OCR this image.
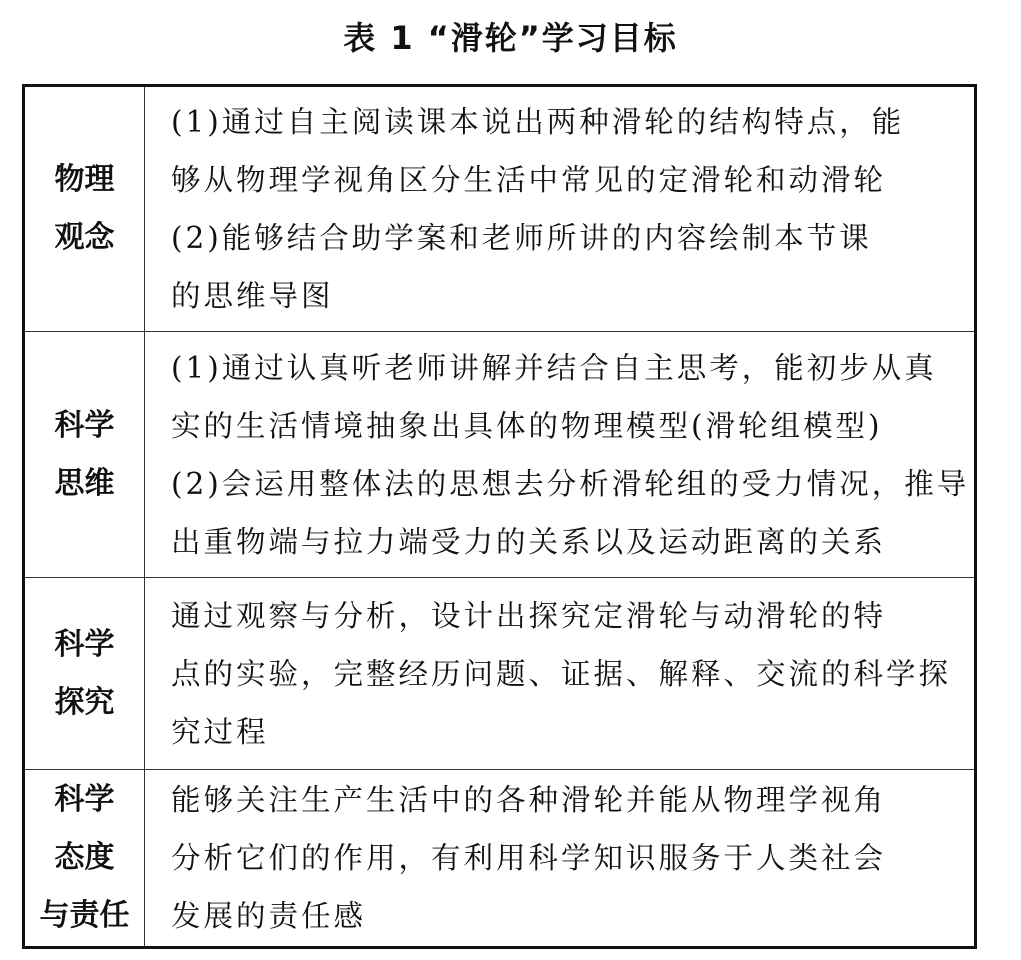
表 1 “滑轮”学习目标
物理
观念	(1)通过自主阅读课本说出两种滑轮的结构特点，能
够从物理学视角区分生活中常见的定滑轮和动滑轮
(2)能够结合助学案和老师所讲的内容绘制本节课
的思维导图

科学
思维	(1)通过认真听老师讲解并结合自主思考，能初步从真
实的生活情境抽象出具体的物理模型(滑轮组模型)
(2)会运用整体法的思想去分析滑轮组的受力情况，推导
出重物端与拉力端受力的关系以及运动距离的关系

科学
探究	通过观察与分析，设计出探究定滑轮与动滑轮的特
点的实验，完整经历问题、证据、解释、交流的科学探
究过程

科学
态度
与责任	能够关注生产生活中的各种滑轮并能从物理学视角
分析它们的作用，有利用科学知识服务于人类社会
发展的责任感
